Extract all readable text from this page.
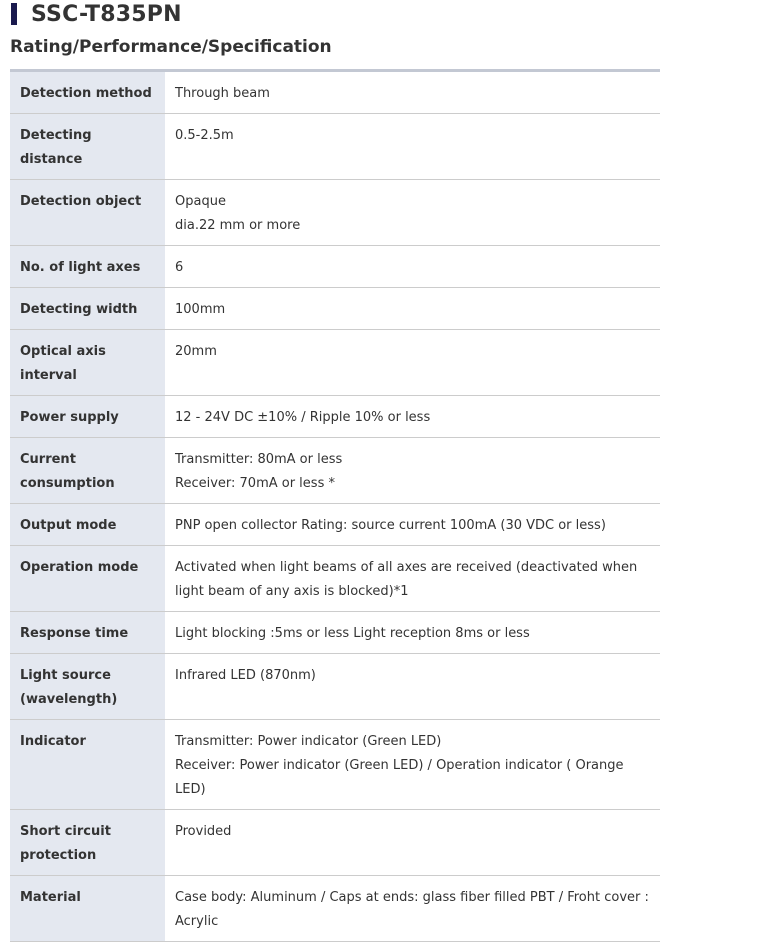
SSC-T835PN
Rating/Performance/Specification
Detection method	Through beam

Detecting distance	0.5-2.5m

Detection object	Opaque
dia.22 mm or more

No. of light axes	6

Detecting width	100mm

Optical axis interval	20mm

Power supply	12 - 24V DC ±10% / Ripple 10% or less

Current consumption	Transmitter: 80mA or less
Receiver: 70mA or less *

Output mode	PNP open collector Rating: source current 100mA (30 VDC or less)

Operation mode	Activated when light beams of all axes are received (deactivated when light beam of any axis is blocked)*1

Response time	Light blocking :5ms or less Light reception 8ms or less

Light source (wavelength)	Infrared LED (870nm)

Indicator	Transmitter: Power indicator (Green LED)
Receiver: Power indicator (Green LED) / Operation indicator ( Orange LED)

Short circuit protection	Provided

Material	Case body: Aluminum / Caps at ends: glass fiber filled PBT / Froht cover : Acrylic
